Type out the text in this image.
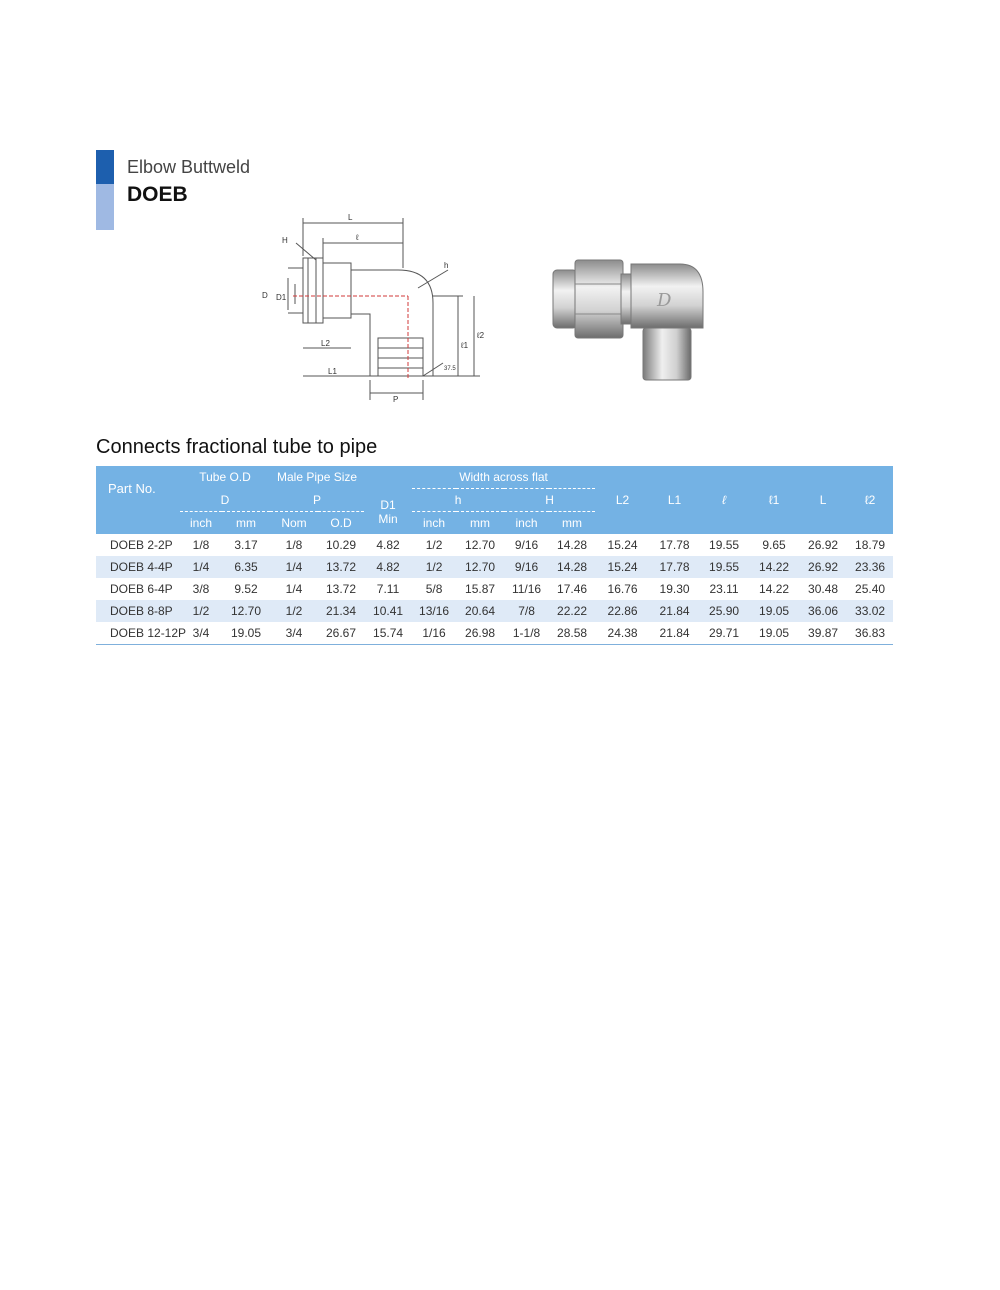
Elbow Buttweld
DOEB
L
ℓ
H
h
D D1
L2
L1
ℓ1
ℓ2
P
37.5
D
Connects fractional tube to pipe
Part No.	Tube O.D		Male Pipe Size		D1	Width across flat				L2	L1	ℓ	ℓ1	L	ℓ2
	D		P			h		H							
	inch	mm	Nom	O.D	Min	inch	mm	inch	mm						
DOEB 2-2P	1/8	3.17	1/8	10.29	4.82	1/2	12.70	9/16	14.28	15.24	17.78	19.55	9.65	26.92	18.79
DOEB 4-4P	1/4	6.35	1/4	13.72	4.82	1/2	12.70	9/16	14.28	15.24	17.78	19.55	14.22	26.92	23.36
DOEB 6-4P	3/8	9.52	1/4	13.72	7.11	5/8	15.87	11/16	17.46	16.76	19.30	23.11	14.22	30.48	25.40
DOEB 8-8P	1/2	12.70	1/2	21.34	10.41	13/16	20.64	7/8	22.22	22.86	21.84	25.90	19.05	36.06	33.02
DOEB 12-12P	3/4	19.05	3/4	26.67	15.74	1/16	26.98	1-1/8	28.58	24.38	21.84	29.71	19.05	39.87	36.83
